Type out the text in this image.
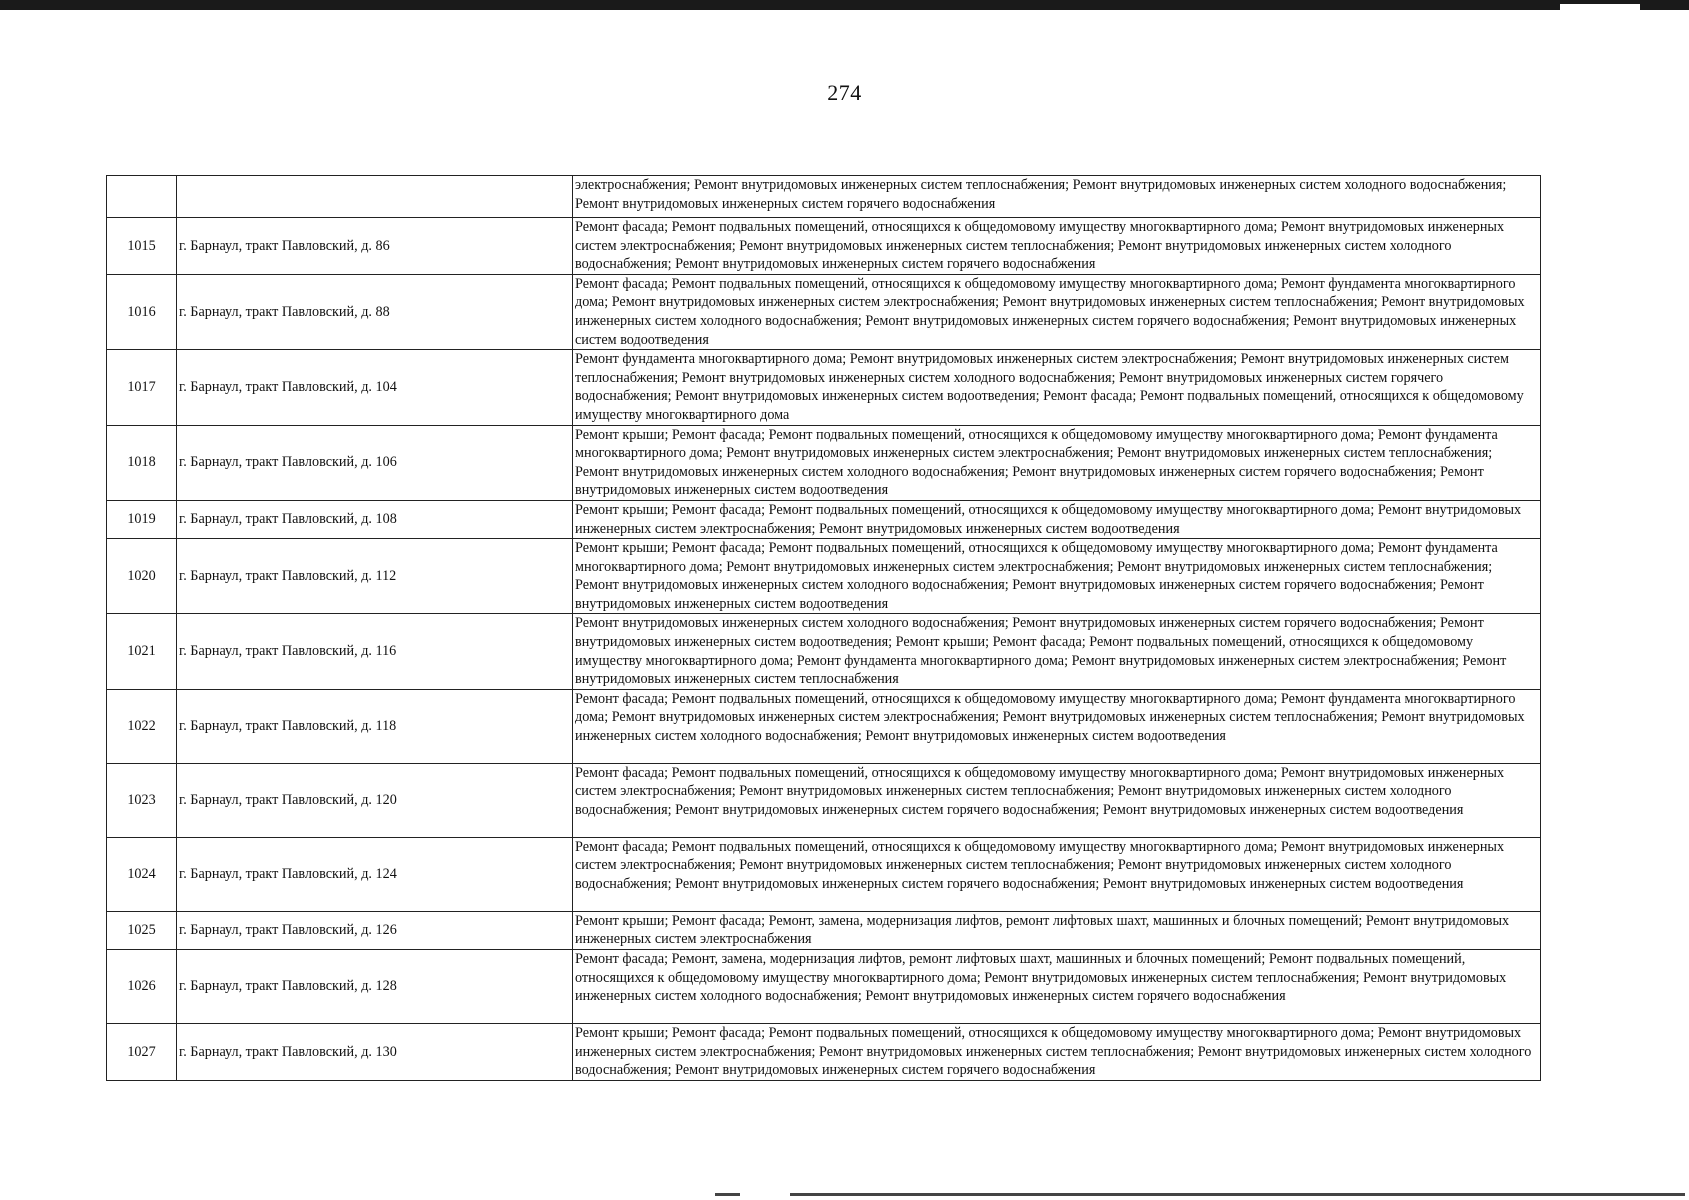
274
		электроснабжения; Ремонт внутридомовых инженерных систем теплоснабжения; Ремонт внутридомовых инженерных систем холодного водоснабжения; Ремонт внутридомовых инженерных систем горячего водоснабжения
1015	г. Барнаул, тракт Павловский, д. 86	Ремонт фасада; Ремонт подвальных помещений, относящихся к общедомовому имуществу многоквартирного дома; Ремонт внутридомовых инженерных систем электроснабжения; Ремонт внутридомовых инженерных систем теплоснабжения; Ремонт внутридомовых инженерных систем холодного водоснабжения; Ремонт внутридомовых инженерных систем горячего водоснабжения
1016	г. Барнаул, тракт Павловский, д. 88	Ремонт фасада; Ремонт подвальных помещений, относящихся к общедомовому имуществу многоквартирного дома; Ремонт фундамента многоквартирного дома; Ремонт внутридомовых инженерных систем электроснабжения; Ремонт внутридомовых инженерных систем теплоснабжения; Ремонт внутридомовых инженерных систем холодного водоснабжения; Ремонт внутридомовых инженерных систем горячего водоснабжения; Ремонт внутридомовых инженерных систем водоотведения
1017	г. Барнаул, тракт Павловский, д. 104	Ремонт фундамента многоквартирного дома; Ремонт внутридомовых инженерных систем электроснабжения; Ремонт внутридомовых инженерных систем теплоснабжения; Ремонт внутридомовых инженерных систем холодного водоснабжения; Ремонт внутридомовых инженерных систем горячего водоснабжения; Ремонт внутридомовых инженерных систем водоотведения; Ремонт фасада; Ремонт подвальных помещений, относящихся к общедомовому имуществу многоквартирного дома
1018	г. Барнаул, тракт Павловский, д. 106	Ремонт крыши; Ремонт фасада; Ремонт подвальных помещений, относящихся к общедомовому имуществу многоквартирного дома; Ремонт фундамента многоквартирного дома; Ремонт внутридомовых инженерных систем электроснабжения; Ремонт внутридомовых инженерных систем теплоснабжения; Ремонт внутридомовых инженерных систем холодного водоснабжения; Ремонт внутридомовых инженерных систем горячего водоснабжения; Ремонт внутридомовых инженерных систем водоотведения
1019	г. Барнаул, тракт Павловский, д. 108	Ремонт крыши; Ремонт фасада; Ремонт подвальных помещений, относящихся к общедомовому имуществу многоквартирного дома; Ремонт внутридомовых инженерных систем электроснабжения; Ремонт внутридомовых инженерных систем водоотведения
1020	г. Барнаул, тракт Павловский, д. 112	Ремонт крыши; Ремонт фасада; Ремонт подвальных помещений, относящихся к общедомовому имуществу многоквартирного дома; Ремонт фундамента многоквартирного дома; Ремонт внутридомовых инженерных систем электроснабжения; Ремонт внутридомовых инженерных систем теплоснабжения; Ремонт внутридомовых инженерных систем холодного водоснабжения; Ремонт внутридомовых инженерных систем горячего водоснабжения; Ремонт внутридомовых инженерных систем водоотведения
1021	г. Барнаул, тракт Павловский, д. 116	Ремонт внутридомовых инженерных систем холодного водоснабжения; Ремонт внутридомовых инженерных систем горячего водоснабжения; Ремонт внутридомовых инженерных систем водоотведения; Ремонт крыши; Ремонт фасада; Ремонт подвальных помещений, относящихся к общедомовому имуществу многоквартирного дома; Ремонт фундамента многоквартирного дома; Ремонт внутридомовых инженерных систем электроснабжения; Ремонт внутридомовых инженерных систем теплоснабжения
1022	г. Барнаул, тракт Павловский, д. 118	Ремонт фасада; Ремонт подвальных помещений, относящихся к общедомовому имуществу многоквартирного дома; Ремонт фундамента многоквартирного дома; Ремонт внутридомовых инженерных систем электроснабжения; Ремонт внутридомовых инженерных систем теплоснабжения; Ремонт внутридомовых инженерных систем холодного водоснабжения; Ремонт внутридомовых инженерных систем водоотведения
1023	г. Барнаул, тракт Павловский, д. 120	Ремонт фасада; Ремонт подвальных помещений, относящихся к общедомовому имуществу многоквартирного дома; Ремонт внутридомовых инженерных систем электроснабжения; Ремонт внутридомовых инженерных систем теплоснабжения; Ремонт внутридомовых инженерных систем холодного водоснабжения; Ремонт внутридомовых инженерных систем горячего водоснабжения; Ремонт внутридомовых инженерных систем водоотведения
1024	г. Барнаул, тракт Павловский, д. 124	Ремонт фасада; Ремонт подвальных помещений, относящихся к общедомовому имуществу многоквартирного дома; Ремонт внутридомовых инженерных систем электроснабжения; Ремонт внутридомовых инженерных систем теплоснабжения; Ремонт внутридомовых инженерных систем холодного водоснабжения; Ремонт внутридомовых инженерных систем горячего водоснабжения; Ремонт внутридомовых инженерных систем водоотведения
1025	г. Барнаул, тракт Павловский, д. 126	Ремонт крыши; Ремонт фасада; Ремонт, замена, модернизация лифтов, ремонт лифтовых шахт, машинных и блочных помещений; Ремонт внутридомовых инженерных систем электроснабжения
1026	г. Барнаул, тракт Павловский, д. 128	Ремонт фасада; Ремонт, замена, модернизация лифтов, ремонт лифтовых шахт, машинных и блочных помещений; Ремонт подвальных помещений, относящихся к общедомовому имуществу многоквартирного дома; Ремонт внутридомовых инженерных систем теплоснабжения; Ремонт внутридомовых инженерных систем холодного водоснабжения; Ремонт внутридомовых инженерных систем горячего водоснабжения
1027	г. Барнаул, тракт Павловский, д. 130	Ремонт крыши; Ремонт фасада; Ремонт подвальных помещений, относящихся к общедомовому имуществу многоквартирного дома; Ремонт внутридомовых инженерных систем электроснабжения; Ремонт внутридомовых инженерных систем теплоснабжения; Ремонт внутридомовых инженерных систем холодного водоснабжения; Ремонт внутридомовых инженерных систем горячего водоснабжения
